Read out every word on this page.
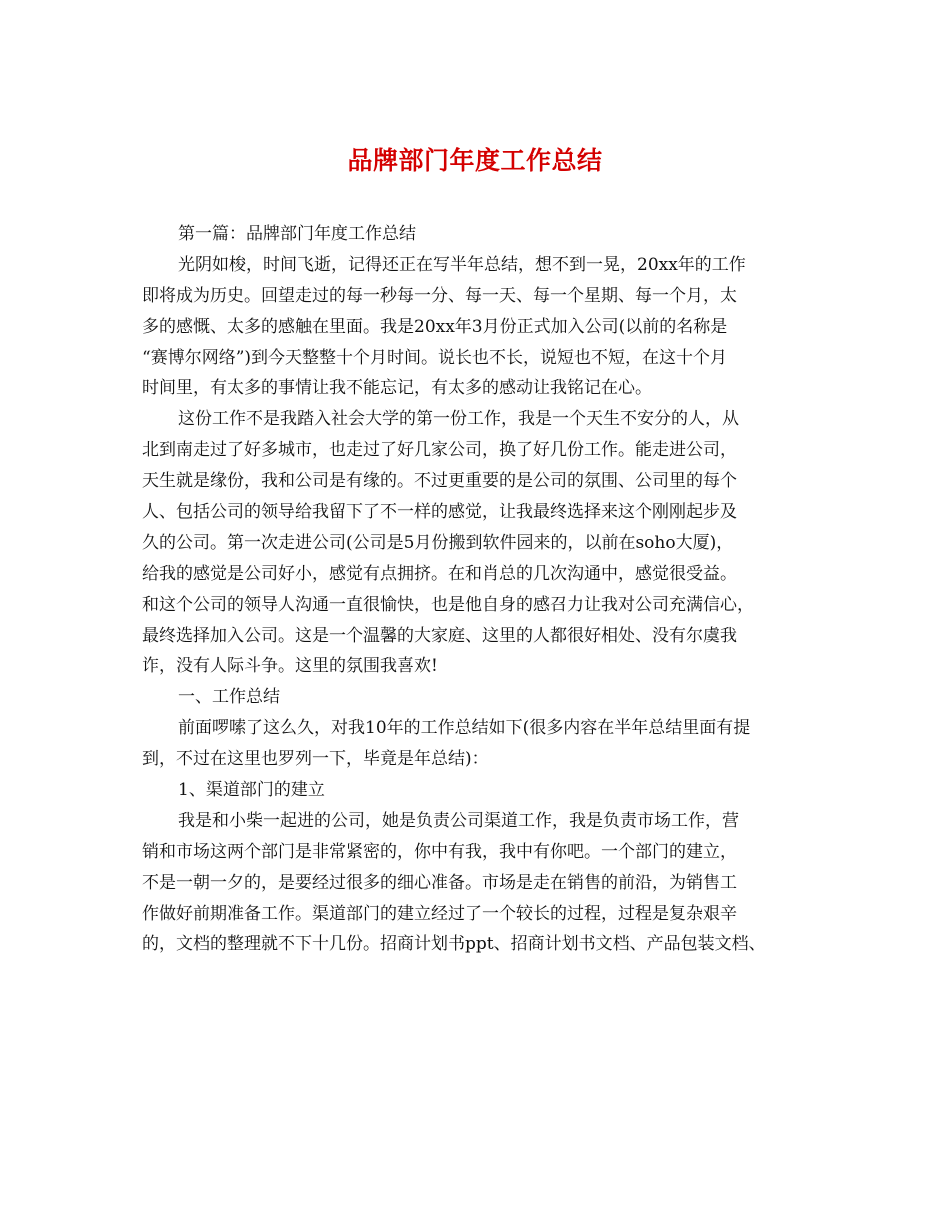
品牌部门年度工作总结
第一篇：品牌部门年度工作总结
光阴如梭，时间飞逝，记得还正在写半年总结，想不到一晃，20xx年的工作
即将成为历史。回望走过的每一秒每一分、每一天、每一个星期、每一个月，太
多的感慨、太多的感触在里面。我是20xx年3月份正式加入公司(以前的名称是
“赛博尔网络”)到今天整整十个月时间。说长也不长，说短也不短，在这十个月
时间里，有太多的事情让我不能忘记，有太多的感动让我铭记在心。
这份工作不是我踏入社会大学的第一份工作，我是一个天生不安分的人，从
北到南走过了好多城市，也走过了好几家公司，换了好几份工作。能走进公司，
天生就是缘份，我和公司是有缘的。不过更重要的是公司的氛围、公司里的每个
人、包括公司的领导给我留下了不一样的感觉，让我最终选择来这个刚刚起步及
久的公司。第一次走进公司(公司是5月份搬到软件园来的，以前在soho大厦)，
给我的感觉是公司好小，感觉有点拥挤。在和肖总的几次沟通中，感觉很受益。
和这个公司的领导人沟通一直很愉快，也是他自身的感召力让我对公司充满信心，
最终选择加入公司。这是一个温馨的大家庭、这里的人都很好相处、没有尔虞我
诈，没有人际斗争。这里的氛围我喜欢!
一、工作总结
前面啰嗦了这么久，对我10年的工作总结如下(很多内容在半年总结里面有提
到，不过在这里也罗列一下，毕竟是年总结)：
1、渠道部门的建立
我是和小柴一起进的公司，她是负责公司渠道工作，我是负责市场工作，营
销和市场这两个部门是非常紧密的，你中有我，我中有你吧。一个部门的建立，
不是一朝一夕的，是要经过很多的细心准备。市场是走在销售的前沿，为销售工
作做好前期准备工作。渠道部门的建立经过了一个较长的过程，过程是复杂艰辛
的，文档的整理就不下十几份。招商计划书ppt、招商计划书文档、产品包装文档、
